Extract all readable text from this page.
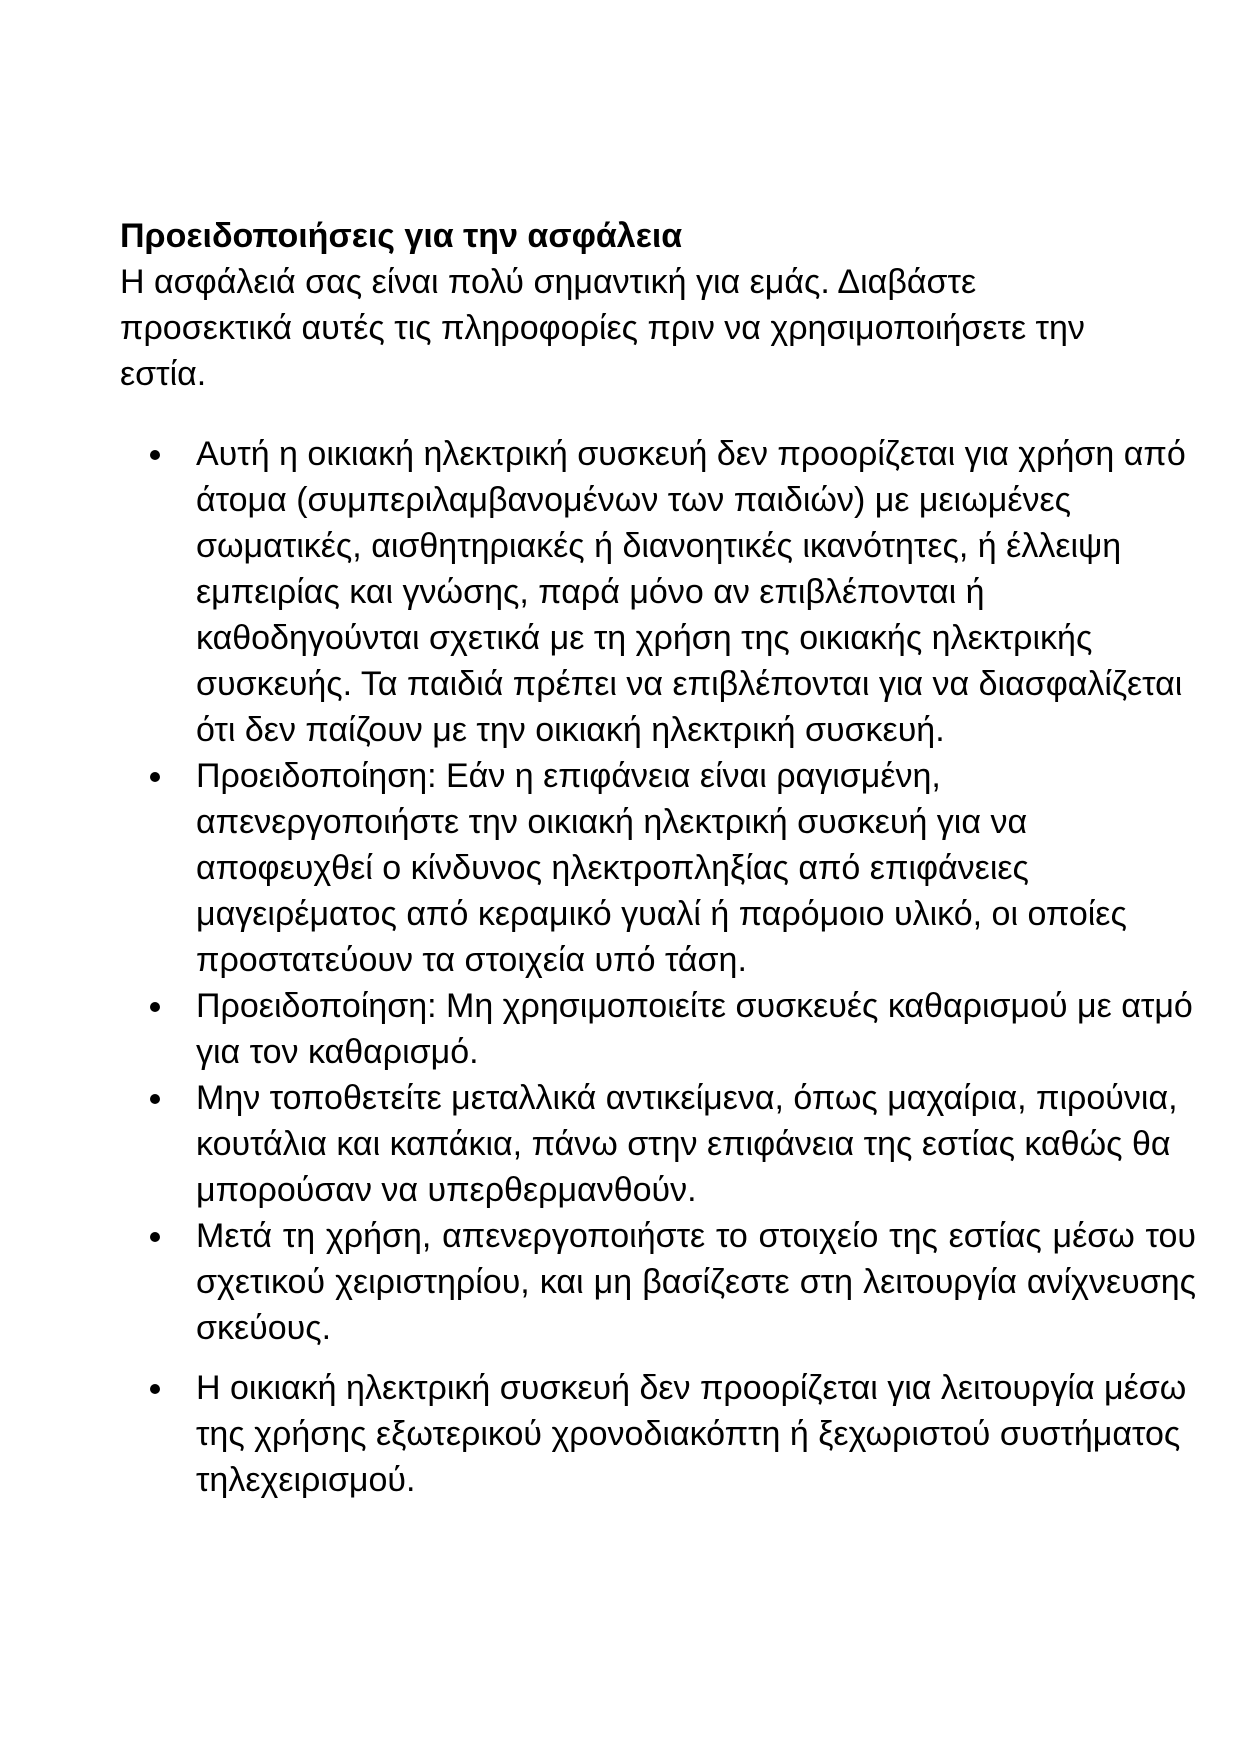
Προειδοποιήσεις για την ασφάλεια

Η ασφάλειά σας είναι πολύ σημαντική για εμάς. Διαβάστε προσεκτικά αυτές τις πληροφορίες πριν να χρησιμοποιήσετε την εστία.

Αυτή η οικιακή ηλεκτρική συσκευή δεν προορίζεται για χρήση από άτομα (συμπεριλαμβανομένων των παιδιών) με μειωμένες σωματικές, αισθητηριακές ή διανοητικές ικανότητες, ή έλλειψη εμπειρίας και γνώσης, παρά μόνο αν επιβλέπονται ή καθοδηγούνται σχετικά με τη χρήση της οικιακής ηλεκτρικής συσκευής. Τα παιδιά πρέπει να επιβλέπονται για να διασφαλίζεται ότι δεν παίζουν με την οικιακή ηλεκτρική συσκευή.
Προειδοποίηση: Εάν η επιφάνεια είναι ραγισμένη, απενεργοποιήστε την οικιακή ηλεκτρική συσκευή για να αποφευχθεί ο κίνδυνος ηλεκτροπληξίας από επιφάνειες μαγειρέματος από κεραμικό γυαλί ή παρόμοιο υλικό, οι οποίες προστατεύουν τα στοιχεία υπό τάση.
Προειδοποίηση: Μη χρησιμοποιείτε συσκευές καθαρισμού με ατμό για τον καθαρισμό.
Μην τοποθετείτε μεταλλικά αντικείμενα, όπως μαχαίρια, πιρούνια, κουτάλια και καπάκια, πάνω στην επιφάνεια της εστίας καθώς θα μπορούσαν να υπερθερμανθούν.
Μετά τη χρήση, απενεργοποιήστε το στοιχείο της εστίας μέσω του σχετικού χειριστηρίου, και μη βασίζεστε στη λειτουργία ανίχνευσης σκεύους.
Η οικιακή ηλεκτρική συσκευή δεν προορίζεται για λειτουργία μέσω της χρήσης εξωτερικού χρονοδιακόπτη ή ξεχωριστού συστήματος τηλεχειρισμού.
